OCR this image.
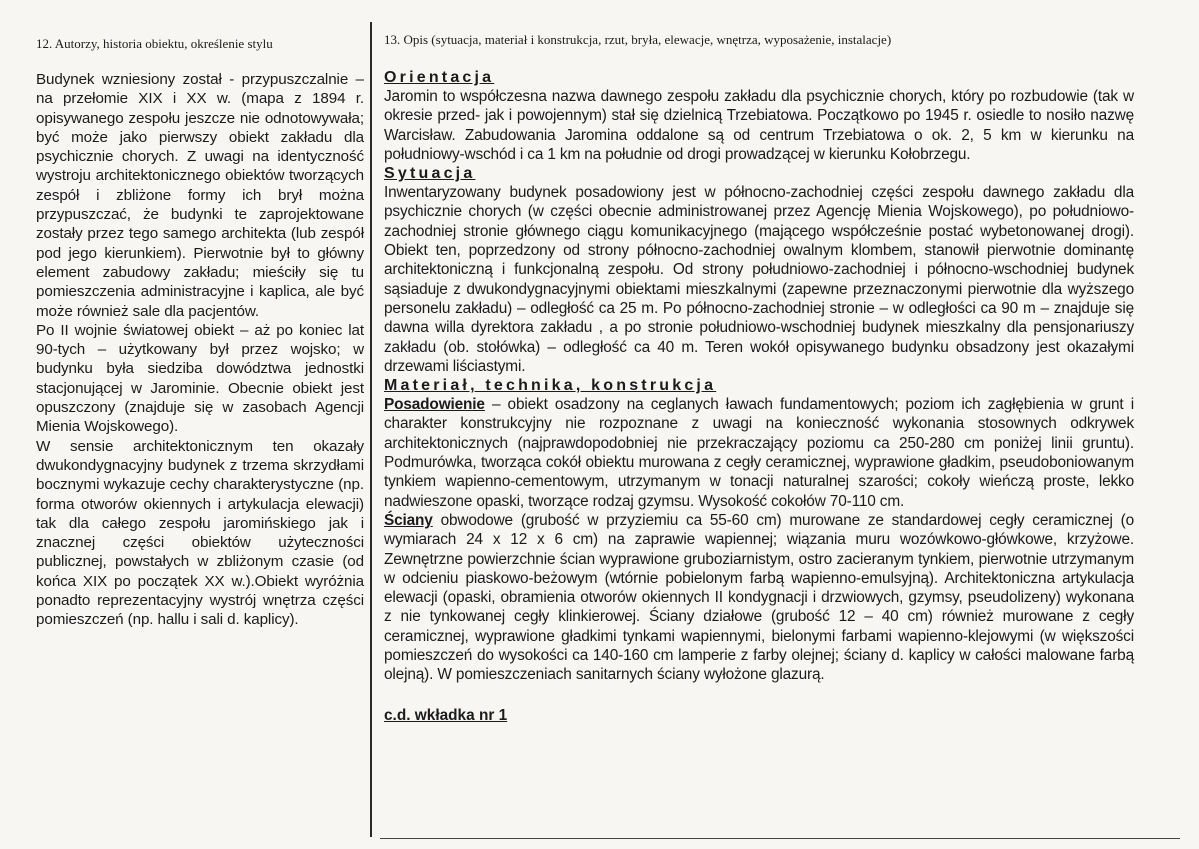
12. Autorzy, historia obiektu, określenie stylu

Budynek wzniesiony został - przypuszczalnie – na przełomie XIX i XX w. (mapa z 1894 r. opisywanego zespołu jeszcze nie odnotowywała; być może jako pierwszy obiekt zakładu dla psychicznie chorych. Z uwagi na identyczność wystroju architektonicznego obiektów tworzących zespół i zbliżone formy ich brył można przypuszczać, że budynki te zaprojektowane zostały przez tego samego architekta (lub zespół pod jego kierunkiem). Pierwotnie był to główny element zabudowy zakładu; mieściły się tu pomieszczenia administracyjne i kaplica, ale być może również sale dla pacjentów.

Po II wojnie światowej obiekt – aż po koniec lat 90-tych – użytkowany był przez wojsko; w budynku była siedziba dowództwa jednostki stacjonującej w Jarominie. Obecnie obiekt jest opuszczony (znajduje się w zasobach Agencji Mienia Wojskowego).

W sensie architektonicznym ten okazały dwukondygnacyjny budynek z trzema skrzydłami bocznymi wykazuje cechy charakterystyczne (np. forma otworów okiennych i artykulacja elewacji) tak dla całego zespołu jaromińskiego jak i znacznej części obiektów użyteczności publicznej, powstałych w zbliżonym czasie (od końca XIX po początek XX w.).Obiekt wyróżnia ponadto reprezentacyjny wystrój wnętrza części pomieszczeń (np. hallu i sali d. kaplicy).

13. Opis (sytuacja, materiał i konstrukcja, rzut, bryła, elewacje, wnętrza, wyposażenie, instalacje)
Orientacja

Jaromin to współczesna nazwa dawnego zespołu zakładu dla psychicznie chorych, który po rozbudowie (tak w okresie przed- jak i powojennym) stał się dzielnicą Trzebiatowa. Początkowo po 1945 r. osiedle to nosiło nazwę Warcisław. Zabudowania Jaromina oddalone są od centrum Trzebiatowa o ok. 2, 5 km w kierunku na południowy-wschód i ca 1 km na południe od drogi prowadzącej w kierunku Kołobrzegu.

Sytuacja

Inwentaryzowany budynek posadowiony jest w północno-zachodniej części zespołu dawnego zakładu dla psychicznie chorych (w części obecnie administrowanej przez Agencję Mienia Wojskowego), po południowo-zachodniej stronie głównego ciągu komunikacyjnego (mającego współcześnie postać wybetonowanej drogi). Obiekt ten, poprzedzony od strony północno-zachodniej owalnym klombem, stanowił pierwotnie dominantę architektoniczną i funkcjonalną zespołu. Od strony południowo-zachodniej i północno-wschodniej budynek sąsiaduje z dwukondygnacyjnymi obiektami mieszkalnymi (zapewne przeznaczonymi pierwotnie dla wyższego personelu zakładu) – odległość ca 25 m. Po północno-zachodniej stronie – w odległości ca 90 m – znajduje się dawna willa dyrektora zakładu , a po stronie południowo-wschodniej budynek mieszkalny dla pensjonariuszy zakładu (ob. stołówka) – odległość ca 40 m. Teren wokół opisywanego budynku obsadzony jest okazałymi drzewami liściastymi.

Materiał, technika, konstrukcja

Posadowienie – obiekt osadzony na ceglanych ławach fundamentowych; poziom ich zagłębienia w grunt i charakter konstrukcyjny nie rozpoznane z uwagi na konieczność wykonania stosownych odkrywek architektonicznych (najprawdopodobniej nie przekraczający poziomu ca 250-280 cm poniżej linii gruntu). Podmurówka, tworząca cokół obiektu murowana z cegły ceramicznej, wyprawione gładkim, pseudoboniowanym tynkiem wapienno-cementowym, utrzymanym w tonacji naturalnej szarości; cokoły wieńczą proste, lekko nadwieszone opaski, tworzące rodzaj gzymsu. Wysokość cokołów 70-110 cm.

Ściany obwodowe (grubość w przyziemiu ca 55-60 cm) murowane ze standardowej cegły ceramicznej (o wymiarach 24 x 12 x 6 cm) na zaprawie wapiennej; wiązania muru wozówkowo-główkowe, krzyżowe. Zewnętrzne powierzchnie ścian wyprawione gruboziarnistym, ostro zacieranym tynkiem, pierwotnie utrzymanym w odcieniu piaskowo-beżowym (wtórnie pobielonym farbą wapienno-emulsyjną). Architektoniczna artykulacja elewacji (opaski, obramienia otworów okiennych II kondygnacji i drzwiowych, gzymsy, pseudolizeny) wykonana z nie tynkowanej cegły klinkierowej. Ściany działowe (grubość 12 – 40 cm) również murowane z cegły ceramicznej, wyprawione gładkimi tynkami wapiennymi, bielonymi farbami wapienno-klejowymi (w większości pomieszczeń do wysokości ca 140-160 cm lamperie z farby olejnej; ściany d. kaplicy w całości malowane farbą olejną). W pomieszczeniach sanitarnych ściany wyłożone glazurą.

c.d. wkładka nr 1
